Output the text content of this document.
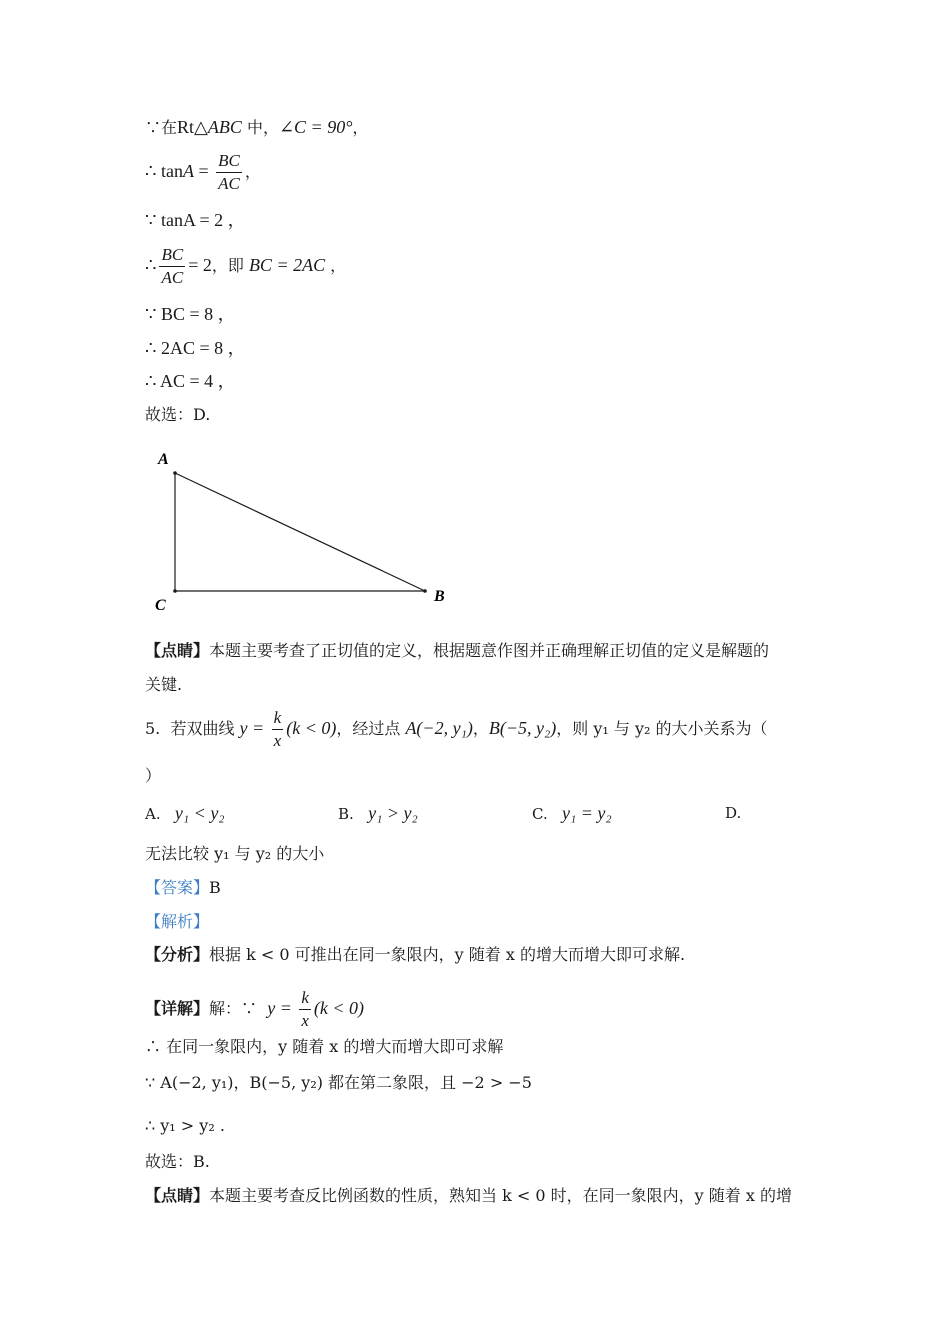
∵在Rt△ABC 中，∠C = 90°，
∴ $\tan A = \frac{BC}{AC}$ ，
∵ tanA = 2 ，
∴ $\frac{BC}{AC} = 2$，即 BC = 2AC ，
∵ BC = 8 ，
∴ 2AC = 8 ，
∴ AC = 4 ，
故选：D.
A
B
C
【点睛】本题主要考查了正切值的定义，根据题意作图并正确理解正切值的定义是解题的
关键.
5. 若双曲线 $y = \frac{k}{x} (k < 0)$，经过点 A(−2, y₁)，B(−5, y₂)，则 y₁ 与 y₂ 的大小关系为（
）
A. y₁ < y₂	B. y₁ > y₂	C. y₁ = y₂	D.
无法比较 y₁ 与 y₂ 的大小
【答案】B
【解析】
【分析】根据 k < 0 可推出在同一象限内，y 随着 x 的增大而增大即可求解.
【详解】解：∵  $y = \frac{k}{x} (k < 0)$
∴ 在同一象限内，y 随着 x 的增大而增大即可求解
∵ A(−2, y₁)，B(−5, y₂) 都在第二象限，且 −2 > −5
∴ y₁ > y₂ .
故选：B.
【点睛】本题主要考查反比例函数的性质，熟知当 k < 0 时，在同一象限内，y 随着 x 的增
